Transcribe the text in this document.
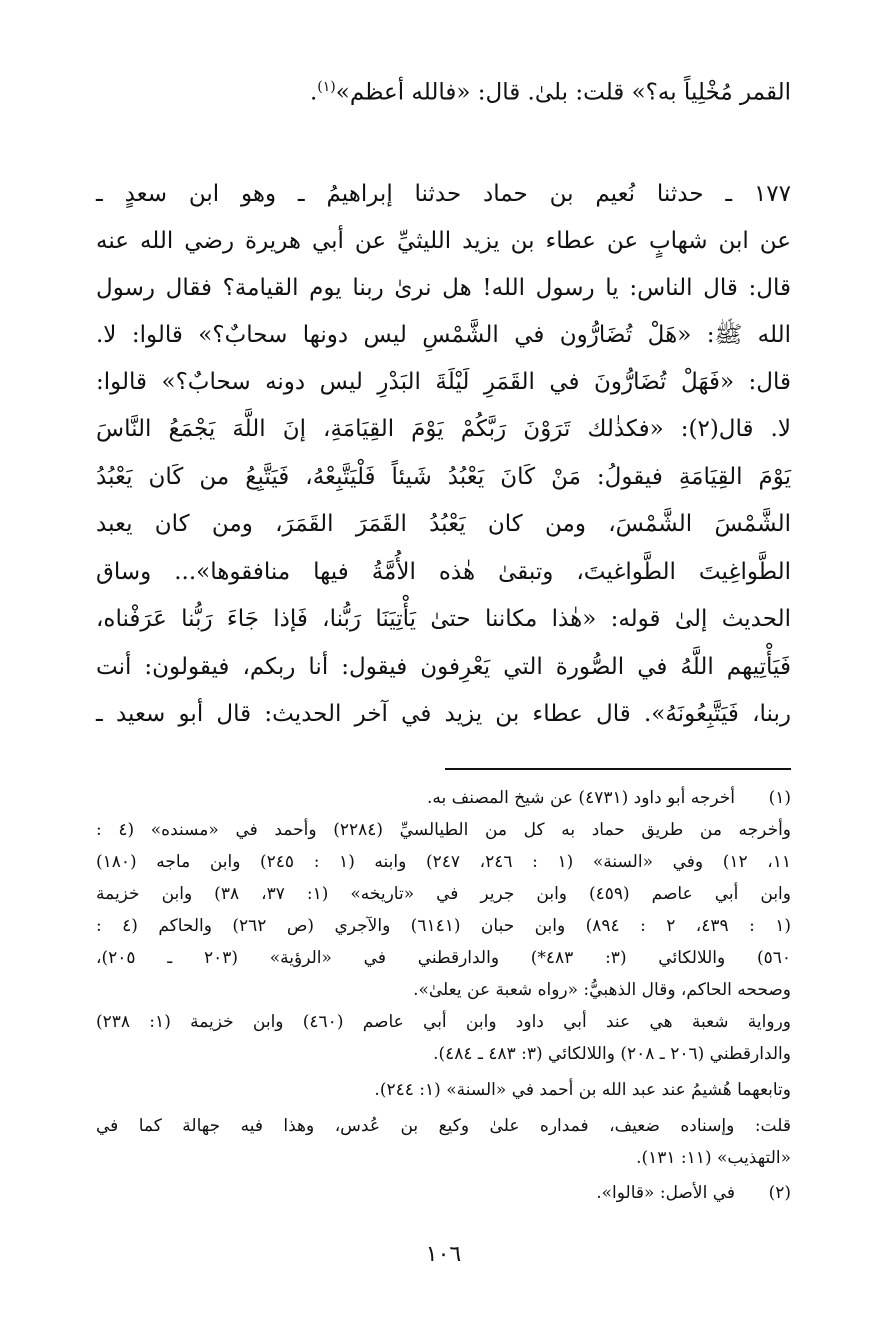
القمر مُخْلِياً به؟» قلت: بلىٰ. قال: «فالله أعظم»$^{(١)}$.
١٧٧ ـ حدثنا نُعيم بن حماد حدثنا إبراهيمُ ـ وهو ابن سعدٍ ـ
عن ابن شهابٍ عن عطاء بن يزيد الليثيِّ عن أبي هريرة رضي الله عنه
قال: قال الناس: يا رسول الله! هل نرىٰ ربنا يوم القيامة؟ فقال رسول
الله ﷺ: «هَلْ تُضَارُّون في الشَّمْسِ ليس دونها سحابٌ؟» قالوا: لا.
قال: «فَهَلْ تُضَارُّونَ في القَمَرِ لَيْلَةَ البَدْرِ ليس دونه سحابٌ؟» قالوا:
لا. قال(٢): «فكذٰلك تَرَوْنَ رَبَّكُمْ يَوْمَ القِيَامَةِ، إنَ اللَّهَ يَجْمَعُ النَّاسَ
يَوْمَ القِيَامَةِ فيقولُ: مَنْ كَانَ يَعْبُدُ شَيئاً فَلْيَتَّبِعْهُ، فَيَتَّبِعُ من كَان يَعْبُدُ
الشَّمْسَ الشَّمْسَ، ومن كان يَعْبُدُ القَمَرَ القَمَرَ، ومن كان يعبد
الطَّواغِيتَ الطَّواغيتَ، وتبقىٰ هٰذه الأُمَّةُ فيها منافقوها»... وساق
الحديث إلىٰ قوله: «هٰذا مكاننا حتىٰ يَأْتِيَنَا رَبُّنا، فَإذا جَاءَ رَبُّنا عَرَفْناه،
فَيَأْتِيهم اللَّهُ في الصُّورة التي يَعْرِفون فيقول: أنا ربكم، فيقولون: أنت
ربنا، فَيَتَّبِعُونَهُ». قال عطاء بن يزيد في آخر الحديث: قال أبو سعيد ـ
(١)
أخرجه أبو داود (٤٧٣١) عن شيخ المصنف به.
وأخرجه من طريق حماد به كل من الطيالسيِّ (٢٢٨٤) وأحمد في «مسنده» (٤ :
١١، ١٢) وفي «السنة» (١ : ٢٤٦، ٢٤٧) وابنه (١ : ٢٤٥) وابن ماجه (١٨٠)
وابن أبي عاصم (٤٥٩) وابن جرير في «تاريخه» (١: ٣٧، ٣٨) وابن خزيمة
(١ : ٤٣٩، ٢ : ٨٩٤) وابن حبان (٦١٤١) والآجري (ص ٢٦٢) والحاكم (٤ :
٥٦٠) واللالكائي (٣: ٤٨٣*) والدارقطني في «الرؤية» (٢٠٣ ـ ٢٠٥)،
وصححه الحاكم، وقال الذهبيُّ: «رواه شعبة عن يعلىٰ».
ورواية شعبة هي عند أبي داود وابن أبي عاصم (٤٦٠) وابن خزيمة (١: ٢٣٨)
والدارقطني (٢٠٦ ـ ٢٠٨) واللالكائي (٣: ٤٨٣ ـ ٤٨٤).
وتابعهما هُشيمُ عند عبد الله بن أحمد في «السنة» (١: ٢٤٤).
قلت: وإسناده ضعيف، فمداره علىٰ وكيع بن عُدس، وهذا فيه جهالة كما في
«التهذيب» (١١: ١٣١).
(٢)
في الأصل: «قالوا».
١٠٦
